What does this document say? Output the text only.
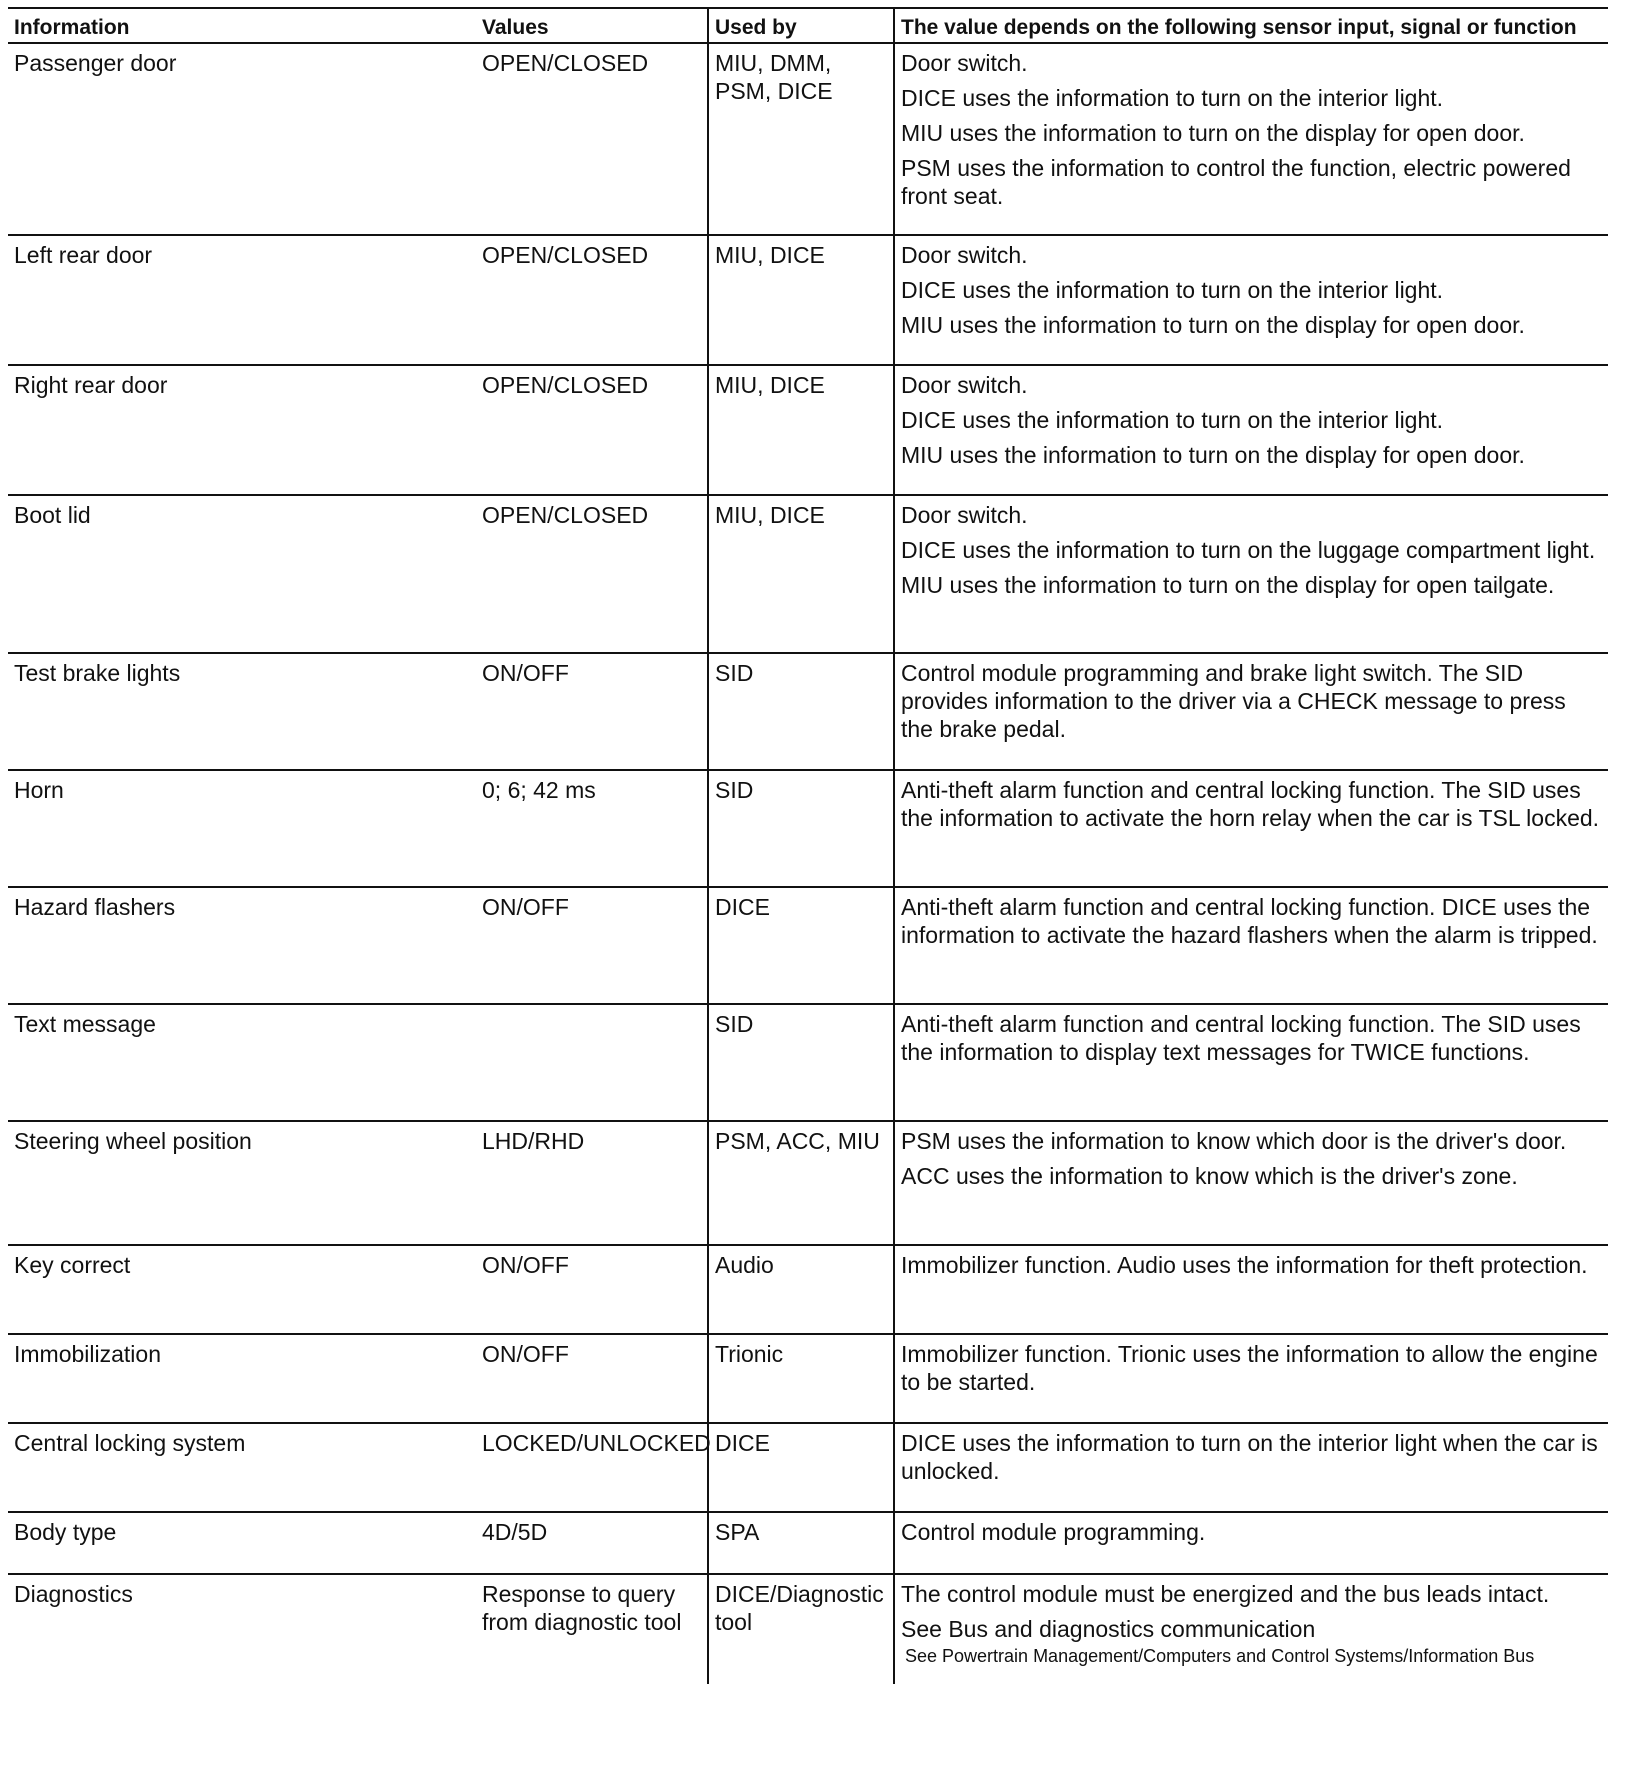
Information	Values	Used by	The value depends on the following sensor input, signal or function
Passenger door	OPEN/CLOSED	MIU, DMM, PSM, DICE	Door switch.

DICE uses the information to turn on the interior light.

MIU uses the information to turn on the display for open door.

PSM uses the information to control the function, electric powered front seat.

Left rear door	OPEN/CLOSED	MIU, DICE	Door switch.

DICE uses the information to turn on the interior light.

MIU uses the information to turn on the display for open door.

Right rear door	OPEN/CLOSED	MIU, DICE	Door switch.

DICE uses the information to turn on the interior light.

MIU uses the information to turn on the display for open door.

Boot lid	OPEN/CLOSED	MIU, DICE	Door switch.

DICE uses the information to turn on the luggage compartment light.

MIU uses the information to turn on the display for open tailgate.

Test brake lights	ON/OFF	SID	Control module programming and brake light switch. The SID provides information to the driver via a CHECK message to press the brake pedal.

Horn	0; 6; 42 ms	SID	Anti-theft alarm function and central locking function. The SID uses the information to activate the horn relay when the car is TSL locked.

Hazard flashers	ON/OFF	DICE	Anti-theft alarm function and central locking function. DICE uses the information to activate the hazard flashers when the alarm is tripped.

Text message		SID	Anti-theft alarm function and central locking function. The SID uses the information to display text messages for TWICE functions.

Steering wheel position	LHD/RHD	PSM, ACC, MIU	PSM uses the information to know which door is the driver's door.

ACC uses the information to know which is the driver's zone.

Key correct	ON/OFF	Audio	Immobilizer function. Audio uses the information for theft protection.

Immobilization	ON/OFF	Trionic	Immobilizer function. Trionic uses the information to allow the engine to be started.

Central locking system	LOCKED/UNLOCKED	DICE	DICE uses the information to turn on the interior light when the car is unlocked.

Body type	4D/5D	SPA	Control module programming.

Diagnostics	Response to query from diagnostic tool	DICE/Diagnostic tool	The control module must be energized and the bus leads intact.

See Bus and diagnostics communication

See Powertrain Management/Computers and Control Systems/Information Bus
